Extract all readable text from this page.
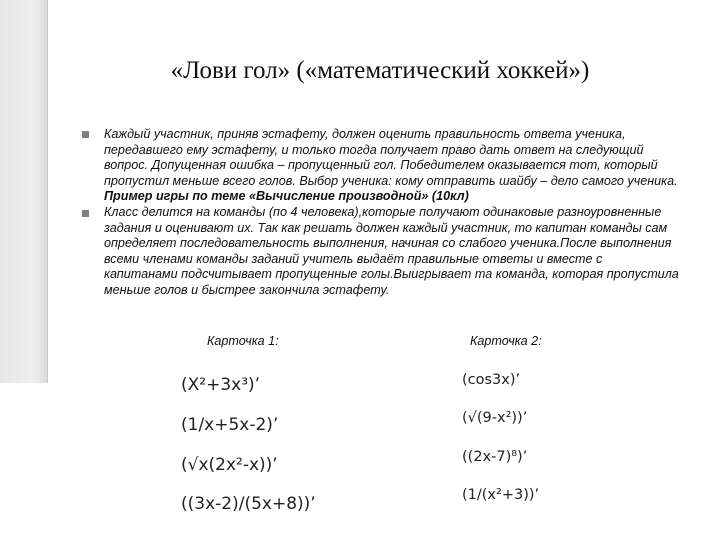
«Лови гол» («математический хоккей»)

Каждый участник, приняв эстафету, должен оценить правильность ответа ученика, передавшего ему эстафету, и только тогда получает право дать ответ на следующий вопрос. Допущенная ошибка – пропущенный гол. Победителем оказывается тот, который пропустил меньше всего голов. Выбор ученика: кому отправить шайбу – дело самого ученика.

Пример игры по теме «Вычисление производной» (10кл)
Класс делится на команды (по 4 человека),которые получают одинаковые разноуровненные задания и оценивают их. Так как решать должен каждый участник, то капитан команды сам определяет последовательность выполнения, начиная со слабого ученика.После выполнения всеми членами команды заданий учитель выдаёт правильные ответы и вместе с капитанами подсчитывает пропущенные голы.Выигрывает та команда, которая пропустила меньше голов и быстрее закончила эстафету.

Карточка 1:	Карточка 2:
(X²+3x³)’
(1/x+5x-2)’
(√x(2x²-x))’
((3x-2)/(5x+8))’
(cos3x)’
(√(9-x²))’
((2x-7)⁸)’
(1/(x²+3))’
